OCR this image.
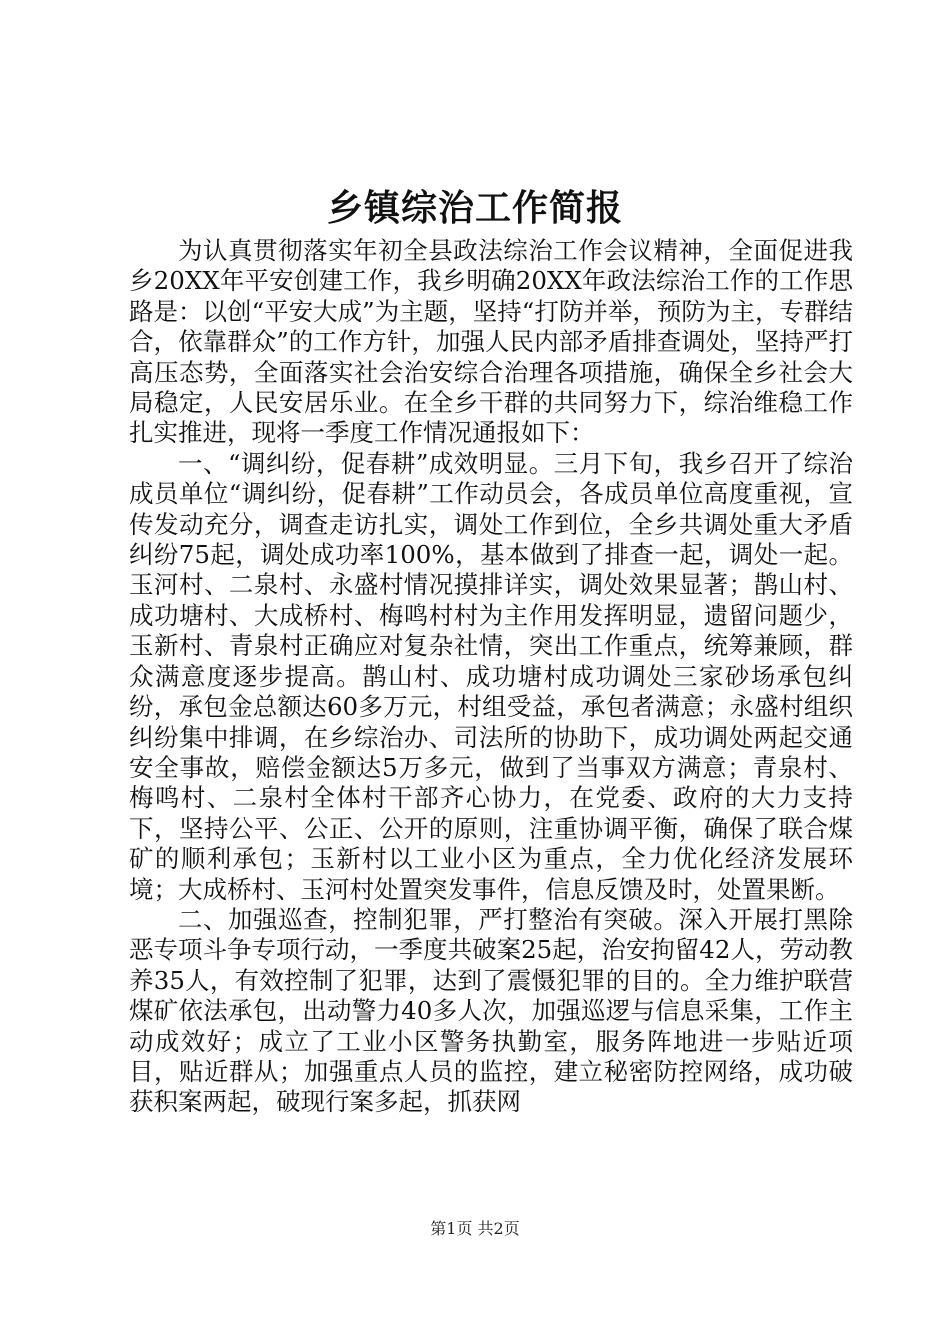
乡镇综治工作简报

为认真贯彻落实年初全县政法综治工作会议精神，全面促进我乡20XX年平安创建工作，我乡明确20XX年政法综治工作的工作思路是：以创“平安大成”为主题，坚持“打防并举，预防为主，专群结合，依靠群众”的工作方针，加强人民内部矛盾排查调处，坚持严打高压态势，全面落实社会治安综合治理各项措施，确保全乡社会大局稳定，人民安居乐业。在全乡干群的共同努力下，综治维稳工作扎实推进，现将一季度工作情况通报如下：

一、“调纠纷，促春耕”成效明显。三月下旬，我乡召开了综治成员单位“调纠纷，促春耕”工作动员会，各成员单位高度重视，宣传发动充分，调查走访扎实，调处工作到位，全乡共调处重大矛盾纠纷75起，调处成功率100%，基本做到了排查一起，调处一起。玉河村、二泉村、永盛村情况摸排详实，调处效果显著；鹊山村、成功塘村、大成桥村、梅鸣村村为主作用发挥明显，遗留问题少，玉新村、青泉村正确应对复杂社情，突出工作重点，统筹兼顾，群众满意度逐步提高。鹊山村、成功塘村成功调处三家砂场承包纠纷，承包金总额达60多万元，村组受益，承包者满意；永盛村组织纠纷集中排调，在乡综治办、司法所的协助下，成功调处两起交通安全事故，赔偿金额达5万多元，做到了当事双方满意；青泉村、梅鸣村、二泉村全体村干部齐心协力，在党委、政府的大力支持下，坚持公平、公正、公开的原则，注重协调平衡，确保了联合煤矿的顺利承包；玉新村以工业小区为重点，全力优化经济发展环境；大成桥村、玉河村处置突发事件，信息反馈及时，处置果断。

二、加强巡查，控制犯罪，严打整治有突破。深入开展打黑除恶专项斗争专项行动，一季度共破案25起，治安拘留42人，劳动教养35人，有效控制了犯罪，达到了震慑犯罪的目的。全力维护联营煤矿依法承包，出动警力40多人次，加强巡逻与信息采集，工作主动成效好；成立了工业小区警务执勤室，服务阵地进一步贴近项目，贴近群从；加强重点人员的监控，建立秘密防控网络，成功破获积案两起，破现行案多起，抓获网

第1页 共2页
